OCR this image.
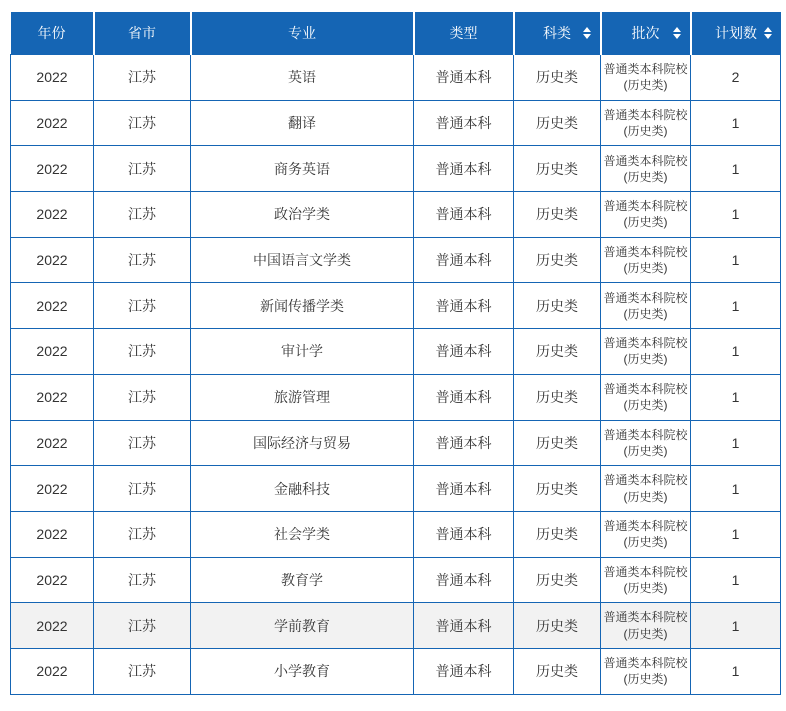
年份	省市	专业	类型	科类	批次	计划数

2022	江苏	英语	普通本科	历史类	普通类本科院校(历史类)	2
2022	江苏	翻译	普通本科	历史类	普通类本科院校(历史类)	1
2022	江苏	商务英语	普通本科	历史类	普通类本科院校(历史类)	1
2022	江苏	政治学类	普通本科	历史类	普通类本科院校(历史类)	1
2022	江苏	中国语言文学类	普通本科	历史类	普通类本科院校(历史类)	1
2022	江苏	新闻传播学类	普通本科	历史类	普通类本科院校(历史类)	1
2022	江苏	审计学	普通本科	历史类	普通类本科院校(历史类)	1
2022	江苏	旅游管理	普通本科	历史类	普通类本科院校(历史类)	1
2022	江苏	国际经济与贸易	普通本科	历史类	普通类本科院校(历史类)	1
2022	江苏	金融科技	普通本科	历史类	普通类本科院校(历史类)	1
2022	江苏	社会学类	普通本科	历史类	普通类本科院校(历史类)	1
2022	江苏	教育学	普通本科	历史类	普通类本科院校(历史类)	1
2022	江苏	学前教育	普通本科	历史类	普通类本科院校(历史类)	1
2022	江苏	小学教育	普通本科	历史类	普通类本科院校(历史类)	1
